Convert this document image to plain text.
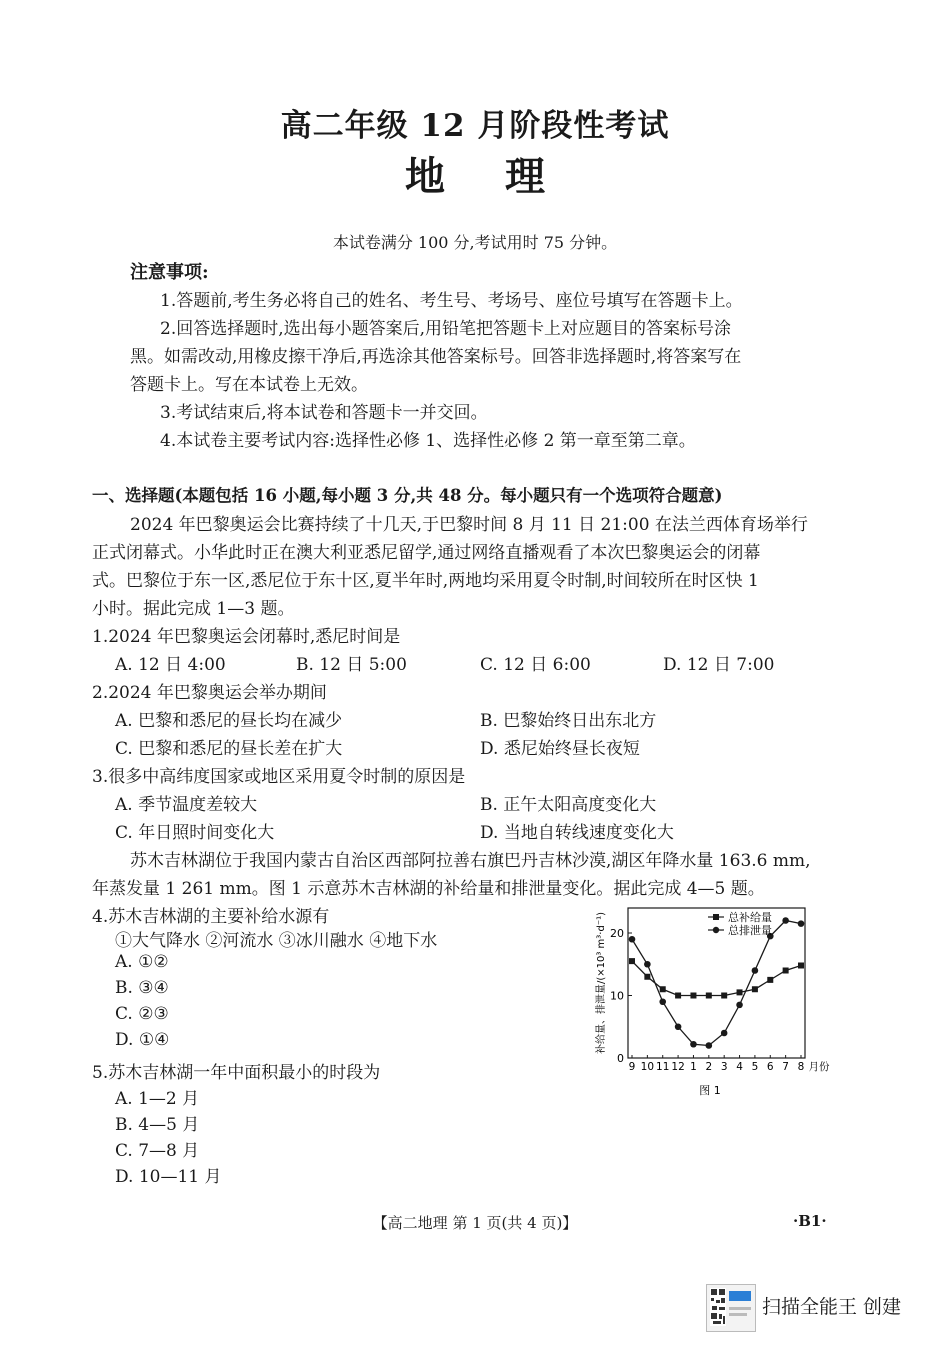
高二年级 12 月阶段性考试
地理
本试卷满分 100 分,考试用时 75 分钟。
注意事项:
1.答题前,考生务必将自己的姓名、考生号、考场号、座位号填写在答题卡上。
2.回答选择题时,选出每小题答案后,用铅笔把答题卡上对应题目的答案标号涂
黑。如需改动,用橡皮擦干净后,再选涂其他答案标号。回答非选择题时,将答案写在
答题卡上。写在本试卷上无效。
3.考试结束后,将本试卷和答题卡一并交回。
4.本试卷主要考试内容:选择性必修 1、选择性必修 2 第一章至第二章。
一、选择题(本题包括 16 小题,每小题 3 分,共 48 分。每小题只有一个选项符合题意)
2024 年巴黎奥运会比赛持续了十几天,于巴黎时间 8 月 11 日 21:00 在法兰西体育场举行
正式闭幕式。小华此时正在澳大利亚悉尼留学,通过网络直播观看了本次巴黎奥运会的闭幕
式。巴黎位于东一区,悉尼位于东十区,夏半年时,两地均采用夏令时制,时间较所在时区快 1
小时。据此完成 1—3 题。
1.2024 年巴黎奥运会闭幕时,悉尼时间是
A. 12 日 4:00	B. 12 日 5:00	C. 12 日 6:00	D. 12 日 7:00
2.2024 年巴黎奥运会举办期间
A. 巴黎和悉尼的昼长均在减少	B. 巴黎始终日出东北方
C. 巴黎和悉尼的昼长差在扩大	D. 悉尼始终昼长夜短
3.很多中高纬度国家或地区采用夏令时制的原因是
A. 季节温度差较大	B. 正午太阳高度变化大
C. 年日照时间变化大	D. 当地自转线速度变化大
苏木吉林湖位于我国内蒙古自治区西部阿拉善右旗巴丹吉林沙漠,湖区年降水量 163.6 mm,
年蒸发量 1 261 mm。图 1 示意苏木吉林湖的补给量和排泄量变化。据此完成 4—5 题。
4.苏木吉林湖的主要补给水源有
①大气降水 ②河流水 ③冰川融水 ④地下水
A. ①②
B. ③④
C. ②③
D. ①④
5.苏木吉林湖一年中面积最小的时段为
A. 1—2 月
B. 4—5 月
C. 7—8 月
D. 10—11 月
0
10
20
9 10 11 12 1 2 3 4 5 6 7 8 月份
补给量、排泄量/(×10³ m³·d⁻¹)	总补给量
总排泄量
图 1
【高二地理 第 1 页(共 4 页)】	·B1·
扫描全能王 创建
